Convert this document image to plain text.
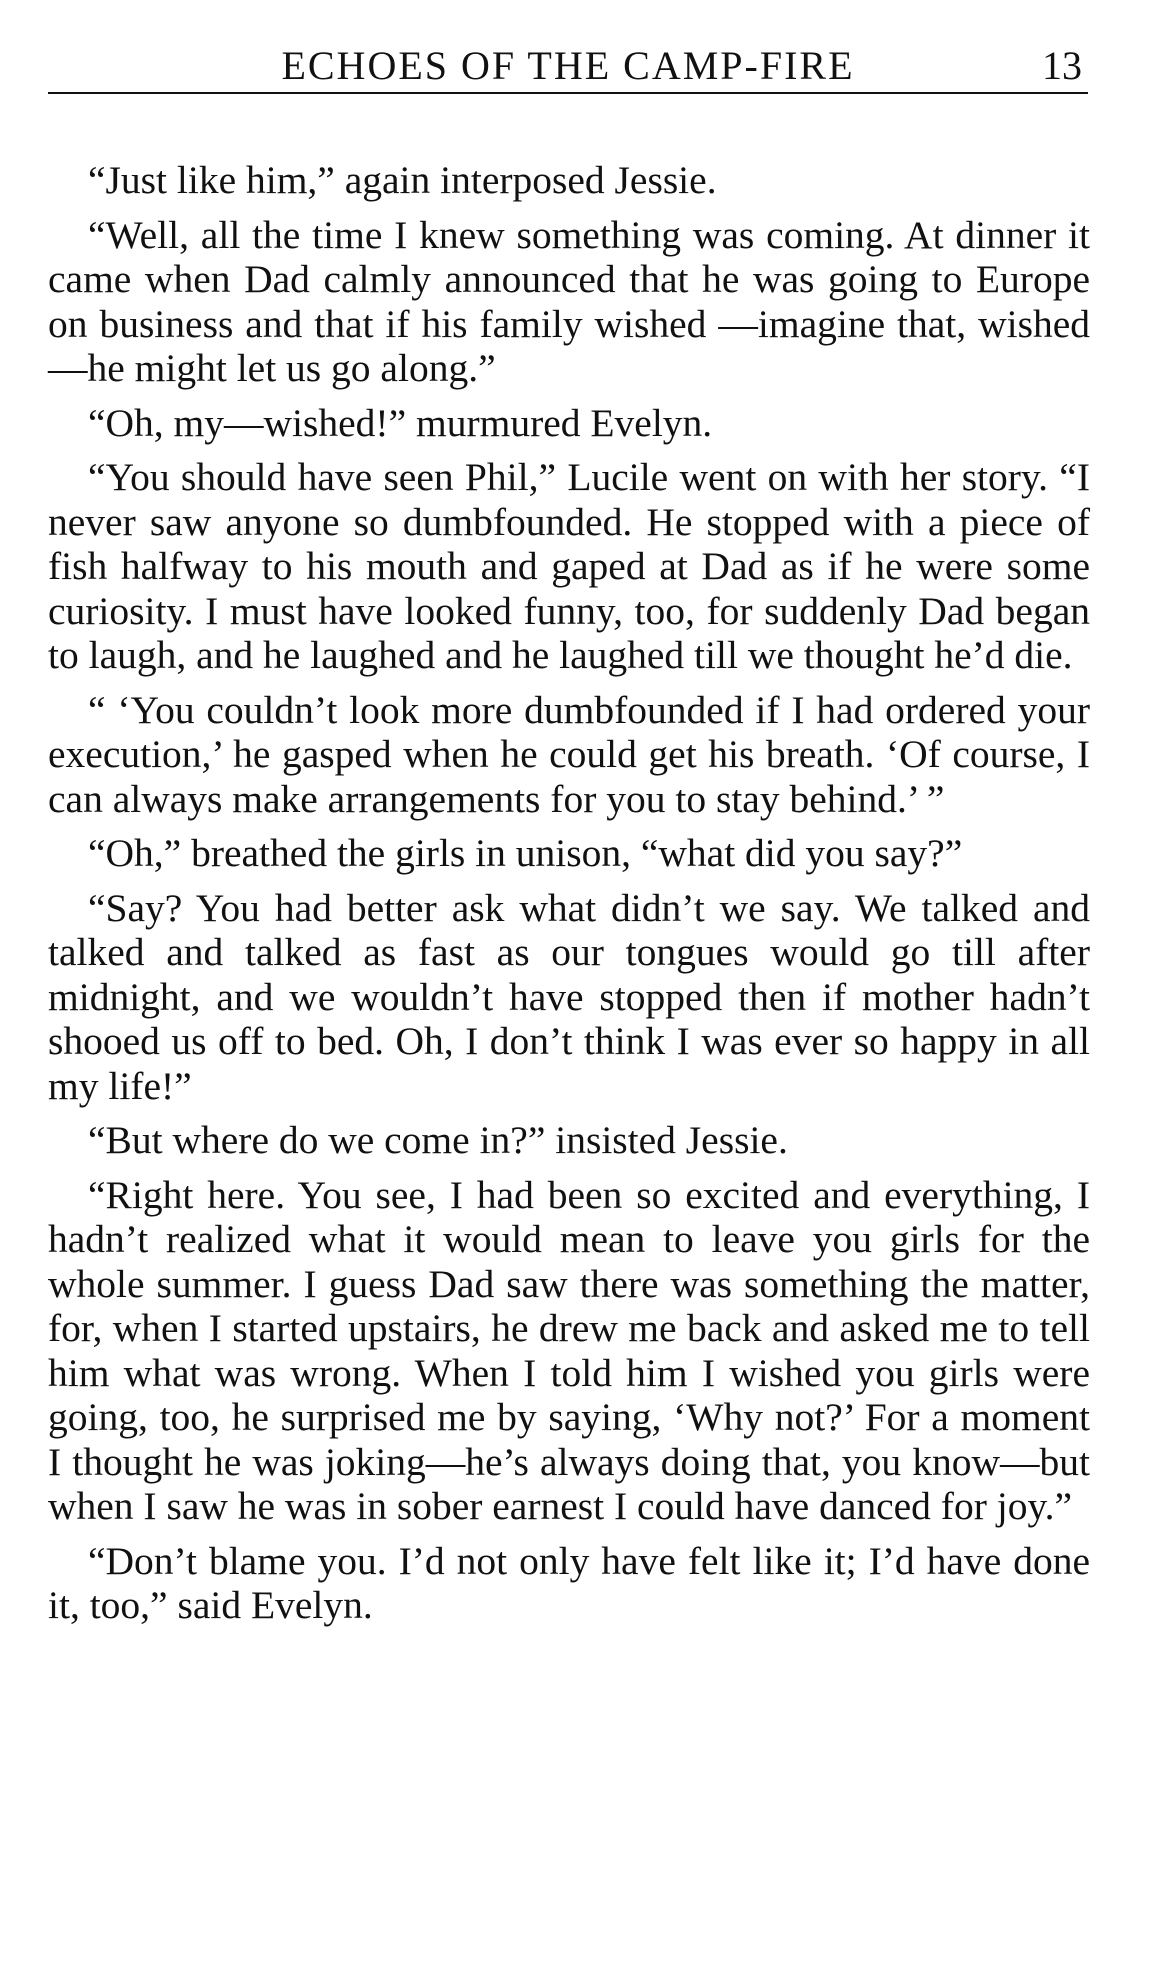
ECHOES OF THE CAMP-FIRE	13

“Just like him,” again interposed Jessie.

“Well, all the time I knew something was coming. At dinner it came when Dad calmly announced that he was going to Europe on business and that if his family wished —imagine that, wished—he might let us go along.”

“Oh, my—wished!” murmured Evelyn.

“You should have seen Phil,” Lucile went on with her story. “I never saw anyone so dumbfounded. He stopped with a piece of fish halfway to his mouth and gaped at Dad as if he were some curiosity. I must have looked funny, too, for suddenly Dad began to laugh, and he laughed and he laughed till we thought he’d die.

“ ‘You couldn’t look more dumbfounded if I had ordered your execution,’ he gasped when he could get his breath. ‘Of course, I can always make arrangements for you to stay behind.’ ”

“Oh,” breathed the girls in unison, “what did you say?”

“Say? You had better ask what didn’t we say. We talked and talked and talked as fast as our tongues would go till after midnight, and we wouldn’t have stopped then if mother hadn’t shooed us off to bed. Oh, I don’t think I was ever so happy in all my life!”

“But where do we come in?” insisted Jessie.

“Right here. You see, I had been so excited and everything, I hadn’t realized what it would mean to leave you girls for the whole summer. I guess Dad saw there was something the matter, for, when I started upstairs, he drew me back and asked me to tell him what was wrong. When I told him I wished you girls were going, too, he surprised me by saying, ‘Why not?’ For a moment I thought he was joking—he’s always doing that, you know—but when I saw he was in sober earnest I could have danced for joy.”

“Don’t blame you. I’d not only have felt like it; I’d have done it, too,” said Evelyn.
